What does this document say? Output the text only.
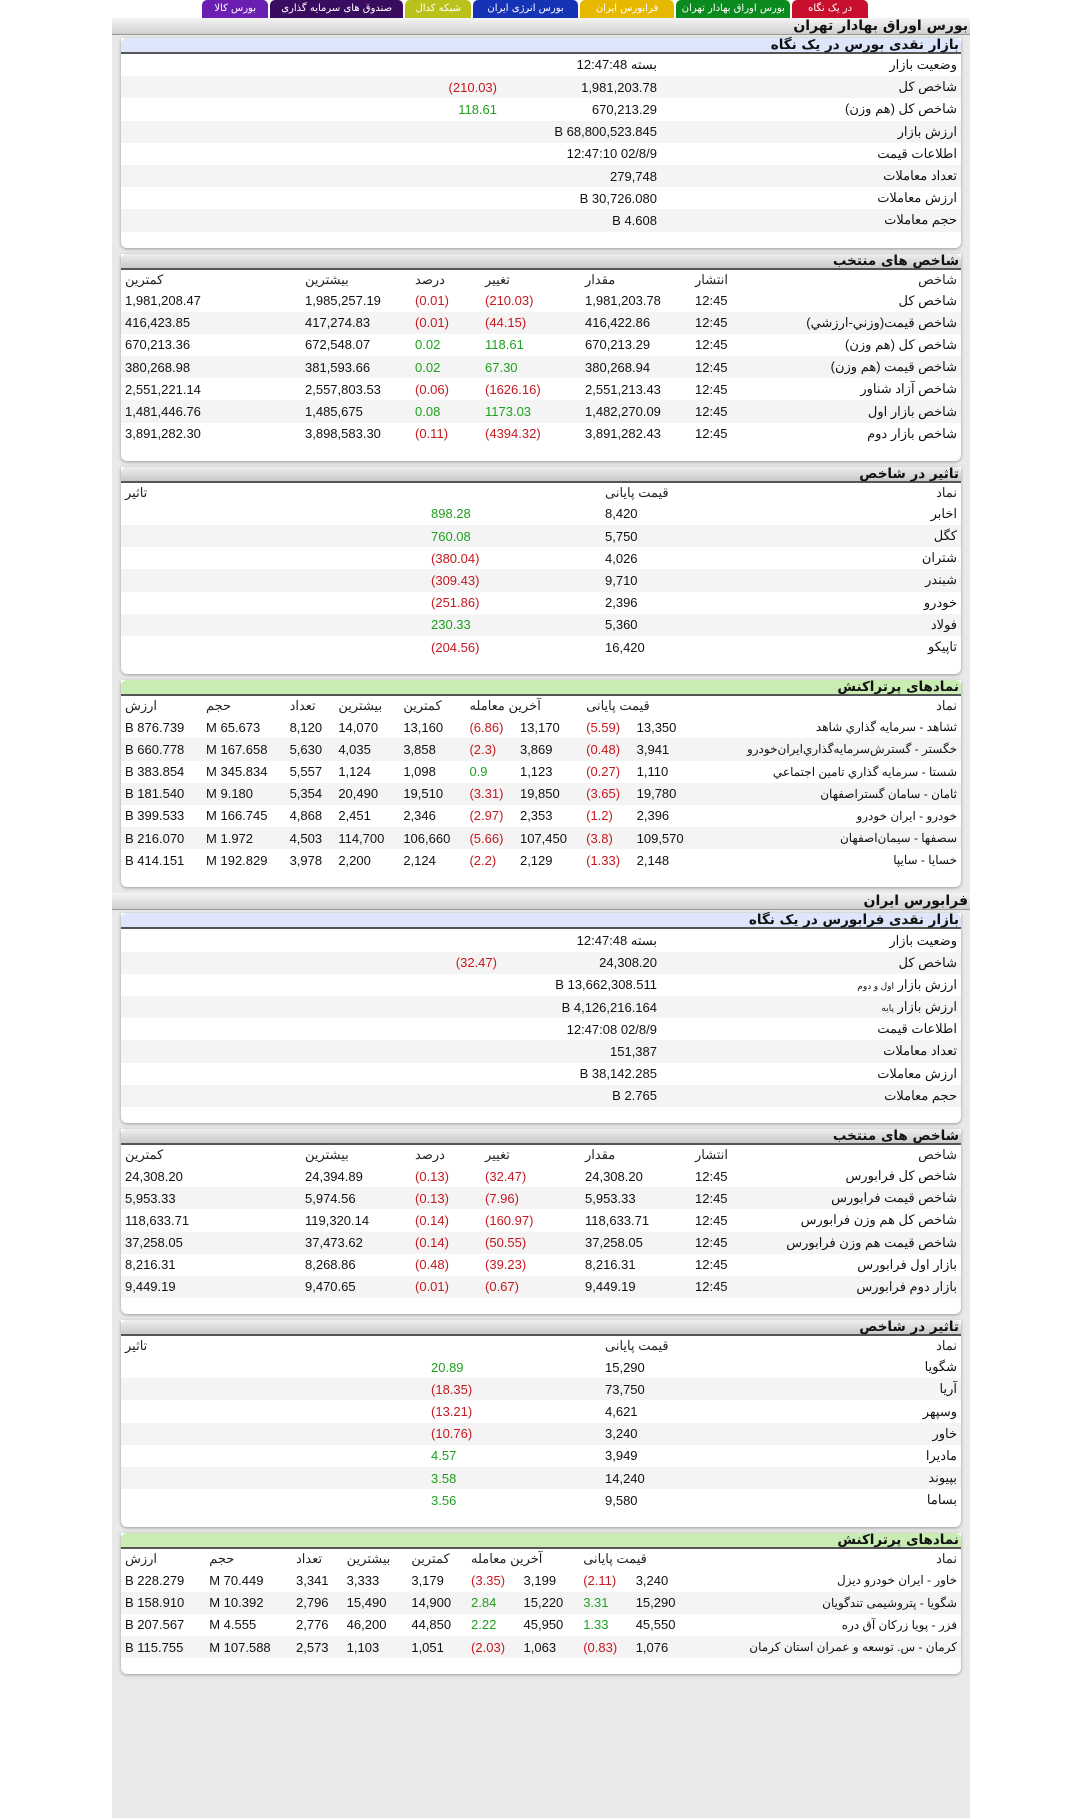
در یک نگاه
بورس اوراق بهادار تهران
فرابورس ایران
بورس انرژی ایران
شبکه کدال
صندوق های سرمایه گذاری
بورس کالا
بورس اوراق بهادار تهران
بازار نقدی بورس در یک نگاه
وضعیت بازار	بسته 12:47:48	
شاخص کل	1,981,203.78	(210.03)
شاخص کل (هم وزن)	670,213.29	118.61
ارزش بازار	68,800,523.845 B	
اطلاعات قیمت	02/8/9 12:47:10	
تعداد معاملات	279,748	
ارزش معاملات	30,726.080 B	
حجم معاملات	4.608 B	
شاخص های منتخب
شاخص	انتشار	مقدار	تغییر	درصد	بیشترین	کمترین
شاخص کل	12:45	1,981,203.78	(210.03)	(0.01)	1,985,257.19	1,981,208.47
شاخص قيمت(وزني-ارزشي)	12:45	416,422.86	(44.15)	(0.01)	417,274.83	416,423.85
شاخص کل (هم وزن)	12:45	670,213.29	118.61	0.02	672,548.07	670,213.36
شاخص قیمت (هم وزن)	12:45	380,268.94	67.30	0.02	381,593.66	380,268.98
شاخص آزاد شناور	12:45	2,551,213.43	(1626.16)	(0.06)	2,557,803.53	2,551,221.14
شاخص بازار اول	12:45	1,482,270.09	1173.03	0.08	1,485,675	1,481,446.76
شاخص بازار دوم	12:45	3,891,282.43	(4394.32)	(0.11)	3,898,583.30	3,891,282.30
تاثیر در شاخص
نماد	قیمت پایانی	تاثیر
اخابر	8,420	898.28
کگل	5,750	760.08
شتران	4,026	(380.04)
شبندر	9,710	(309.43)
خودرو	2,396	(251.86)
فولاد	5,360	230.33
تاپیکو	16,420	(204.56)
نمادهای پرتراکنش
نماد	قیمت پایانی		آخرین معامله		کمترین	بیشترین	تعداد	حجم	ارزش
ثشاهد - سرمايه گذاري شاهد	13,350	(5.59)	13,170	(6.86)	13,160	14,070	8,120	65.673 M	876.739 B
خگستر - گسترش‌سرمايه‌گذاري‌ايران‌خودرو	3,941	(0.48)	3,869	(2.3)	3,858	4,035	5,630	167.658 M	660.778 B
شستا - سرمايه گذاري تامين اجتماعي	1,110	(0.27)	1,123	0.9	1,098	1,124	5,557	345.834 M	383.854 B
ثامان - سامان گستراصفهان	19,780	(3.65)	19,850	(3.31)	19,510	20,490	5,354	9.180 M	181.540 B
خودرو - ايران‌ خودرو	2,396	(1.2)	2,353	(2.97)	2,346	2,451	4,868	166.745 M	399.533 B
سصفها - سيمان‌اصفهان	109,570	(3.8)	107,450	(5.66)	106,660	114,700	4,503	1.972 M	216.070 B
خسايا - سايپا	2,148	(1.33)	2,129	(2.2)	2,124	2,200	3,978	192.829 M	414.151 B
فرابورس ایران
بازار نقدی فرابورس در یک نگاه
وضعیت بازار	بسته 12:47:48	
شاخص کل	24,308.20	(32.47)
ارزش بازار اول و دوم	13,662,308.511 B	
ارزش بازار پایه	4,126,216.164 B	
اطلاعات قیمت	02/8/9 12:47:08	
تعداد معاملات	151,387	
ارزش معاملات	38,142.285 B	
حجم معاملات	2.765 B	
شاخص های منتخب
شاخص	انتشار	مقدار	تغییر	درصد	بیشترین	کمترین
شاخص کل فرابورس	12:45	24,308.20	(32.47)	(0.13)	24,394.89	24,308.20
شاخص قیمت فرابورس	12:45	5,953.33	(7.96)	(0.13)	5,974.56	5,953.33
شاخص کل هم وزن فرابورس	12:45	118,633.71	(160.97)	(0.14)	119,320.14	118,633.71
شاخص قیمت هم وزن فرابورس	12:45	37,258.05	(50.55)	(0.14)	37,473.62	37,258.05
بازار اول فرابورس	12:45	8,216.31	(39.23)	(0.48)	8,268.86	8,216.31
بازار دوم فرابورس	12:45	9,449.19	(0.67)	(0.01)	9,470.65	9,449.19
تاثیر در شاخص
نماد	قیمت پایانی	تاثیر
شگویا	15,290	20.89
آریا	73,750	(18.35)
وسپهر	4,621	(13.21)
خاور	3,240	(10.76)
مادیرا	3,949	4.57
بپیوند	14,240	3.58
بساما	9,580	3.56
نمادهای پرتراکنش
نماد	قیمت پایانی		آخرین معامله		کمترین	بیشترین	تعداد	حجم	ارزش
خاور - ايران‌ خودرو ديزل	3,240	(2.11)	3,199	(3.35)	3,179	3,333	3,341	70.449 M	228.279 B
شگویا - پتروشیمی تندگویان	15,290	3.31	15,220	2.84	14,900	15,490	2,796	10.392 M	158.910 B
فزر - پویا زرکان آق دره	45,550	1.33	45,950	2.22	44,850	46,200	2,776	4.555 M	207.567 B
کرمان - س. توسعه و عمران استان کرمان	1,076	(0.83)	1,063	(2.03)	1,051	1,103	2,573	107.588 M	115.755 B
